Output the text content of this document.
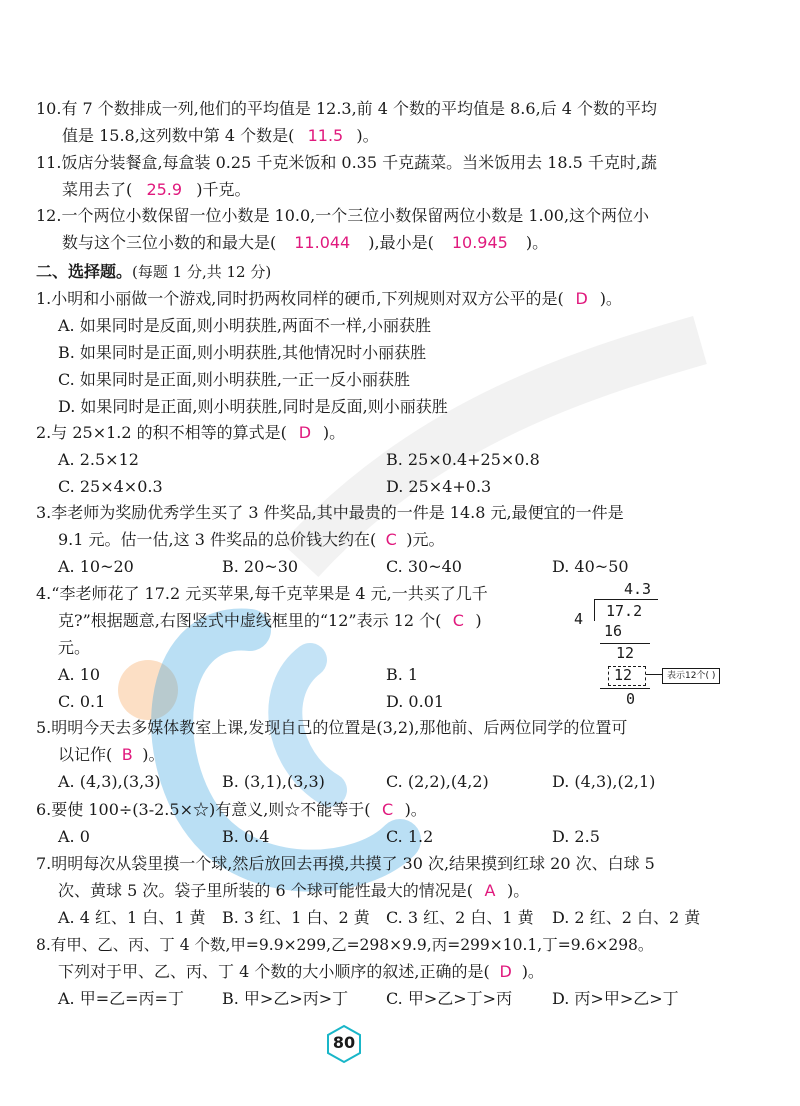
10.有 7 个数排成一列,他们的平均值是 12.3,前 4 个数的平均值是 8.6,后 4 个数的平均
值是 15.8,这列数中第 4 个数是( 11.5 )。
11.饭店分装餐盒,每盒装 0.25 千克米饭和 0.35 千克蔬菜。当米饭用去 18.5 千克时,蔬
菜用去了( 25.9 )千克。
12.一个两位小数保留一位小数是 10.0,一个三位小数保留两位小数是 1.00,这个两位小
数与这个三位小数的和最大是( 11.044 ),最小是( 10.945 )。
二、选择题。(每题 1 分,共 12 分)
1.小明和小丽做一个游戏,同时扔两枚同样的硬币,下列规则对双方公平的是( D )。
A. 如果同时是反面,则小明获胜,两面不一样,小丽获胜
B. 如果同时是正面,则小明获胜,其他情况时小丽获胜
C. 如果同时是正面,则小明获胜,一正一反小丽获胜
D. 如果同时是正面,则小明获胜,同时是反面,则小丽获胜
2.与 25×1.2 的积不相等的算式是( D )。
A. 2.5×12	B. 25×0.4+25×0.8
C. 25×4×0.3	D. 25×4+0.3
3.李老师为奖励优秀学生买了 3 件奖品,其中最贵的一件是 14.8 元,最便宜的一件是
9.1 元。估一估,这 3 件奖品的总价钱大约在( C )元。
A. 10~20	B. 20~30	C. 30~40	D. 40~50
4.“李老师花了 17.2 元买苹果,每千克苹果是 4 元,一共买了几千
克?”根据题意,右图竖式中虚线框里的“12”表示 12 个( C )
元。
A. 10	B. 1
C. 0.1	D. 0.01
4.3
4 17.2
16
12
12	表示12个( )
0
5.明明今天去多媒体教室上课,发现自己的位置是(3,2),那他前、后两位同学的位置可
以记作( B )。
A. (4,3),(3,3)	B. (3,1),(3,3)	C. (2,2),(4,2)	D. (4,3),(2,1)
6.要使 100÷(3-2.5×☆)有意义,则☆不能等于( C )。
A. 0	B. 0.4	C. 1.2	D. 2.5
7.明明每次从袋里摸一个球,然后放回去再摸,共摸了 30 次,结果摸到红球 20 次、白球 5
次、黄球 5 次。袋子里所装的 6 个球可能性最大的情况是( A )。
A. 4 红、1 白、1 黄 B. 3 红、1 白、2 黄 C. 3 红、2 白、1 黄 D. 2 红、2 白、2 黄
8.有甲、乙、丙、丁 4 个数,甲=9.9×299,乙=298×9.9,丙=299×10.1,丁=9.6×298。
下列对于甲、乙、丙、丁 4 个数的大小顺序的叙述,正确的是( D )。
A. 甲=乙=丙=丁 B. 甲>乙>丙>丁 C. 甲>乙>丁>丙 D. 丙>甲>乙>丁
80
